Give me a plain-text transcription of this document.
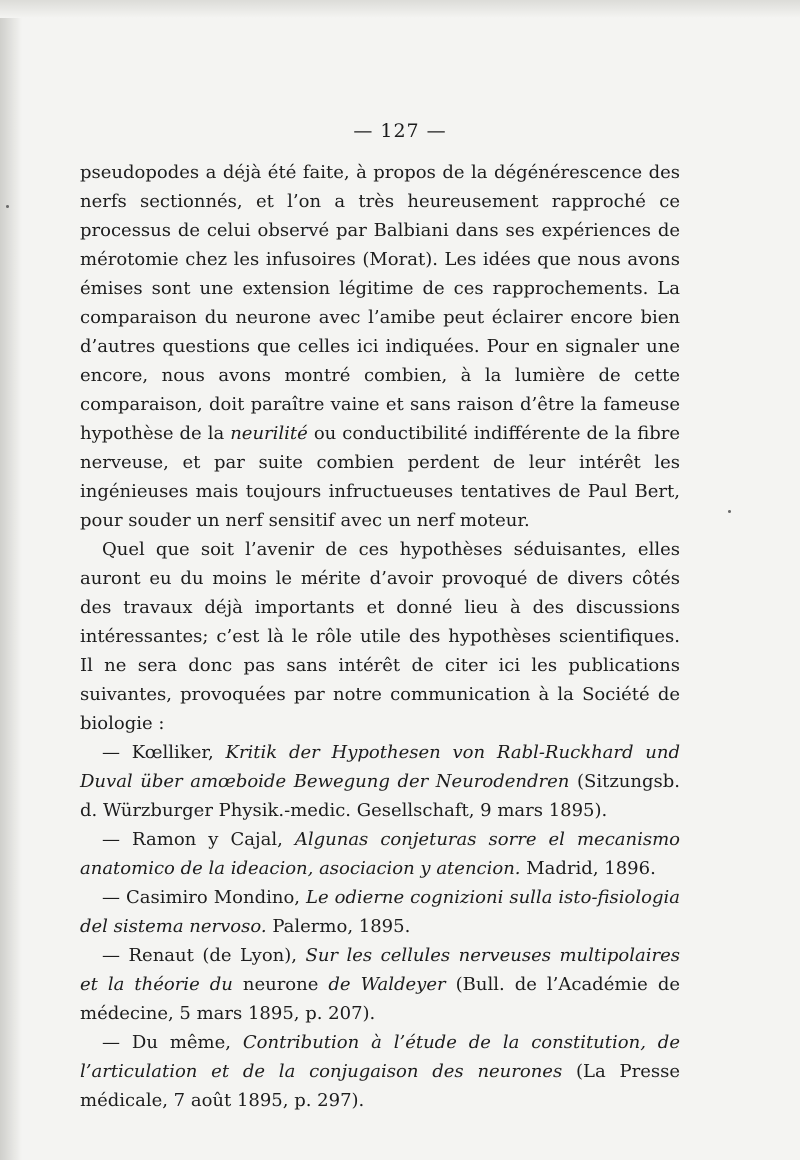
— 127 —

pseudopodes a déjà été faite, à propos de la dégénérescence des nerfs sectionnés, et l’on a très heureusement rapproché ce processus de celui observé par Balbiani dans ses expériences de mérotomie chez les infusoires (Morat). Les idées que nous avons émises sont une extension légitime de ces rapprochements. La comparaison du neurone avec l’amibe peut éclairer encore bien d’autres questions que celles ici indiquées. Pour en signaler une encore, nous avons montré combien, à la lumière de cette comparaison, doit paraître vaine et sans raison d’être la fameuse hypothèse de la neurilité ou conductibilité indifférente de la fibre nerveuse, et par suite combien perdent de leur intérêt les ingénieuses mais toujours infructueuses tentatives de Paul Bert, pour souder un nerf sensitif avec un nerf moteur.

Quel que soit l’avenir de ces hypothèses séduisantes, elles auront eu du moins le mérite d’avoir provoqué de divers côtés des travaux déjà importants et donné lieu à des discussions intéressantes; c’est là le rôle utile des hypothèses scientifiques. Il ne sera donc pas sans intérêt de citer ici les publications suivantes, provoquées par notre communication à la Société de biologie :

— Kœlliker, Kritik der Hypothesen von Rabl-Ruckhard und Duval über amœboide Bewegung der Neurodendren (Sitzungsb. d. Würzburger Physik.-medic. Gesellschaft, 9 mars 1895).

— Ramon y Cajal, Algunas conjeturas sorre el mecanismo anatomico de la ideacion, asociacion y atencion. Madrid, 1896.

— Casimiro Mondino, Le odierne cognizioni sulla isto-fisiologia del sistema nervoso. Palermo, 1895.

— Renaut (de Lyon), Sur les cellules nerveuses multipolaires et la théorie du neurone de Waldeyer (Bull. de l’Académie de médecine, 5 mars 1895, p. 207).

— Du même, Contribution à l’étude de la constitution, de l’articulation et de la conjugaison des neurones (La Presse médicale, 7 août 1895, p. 297).
